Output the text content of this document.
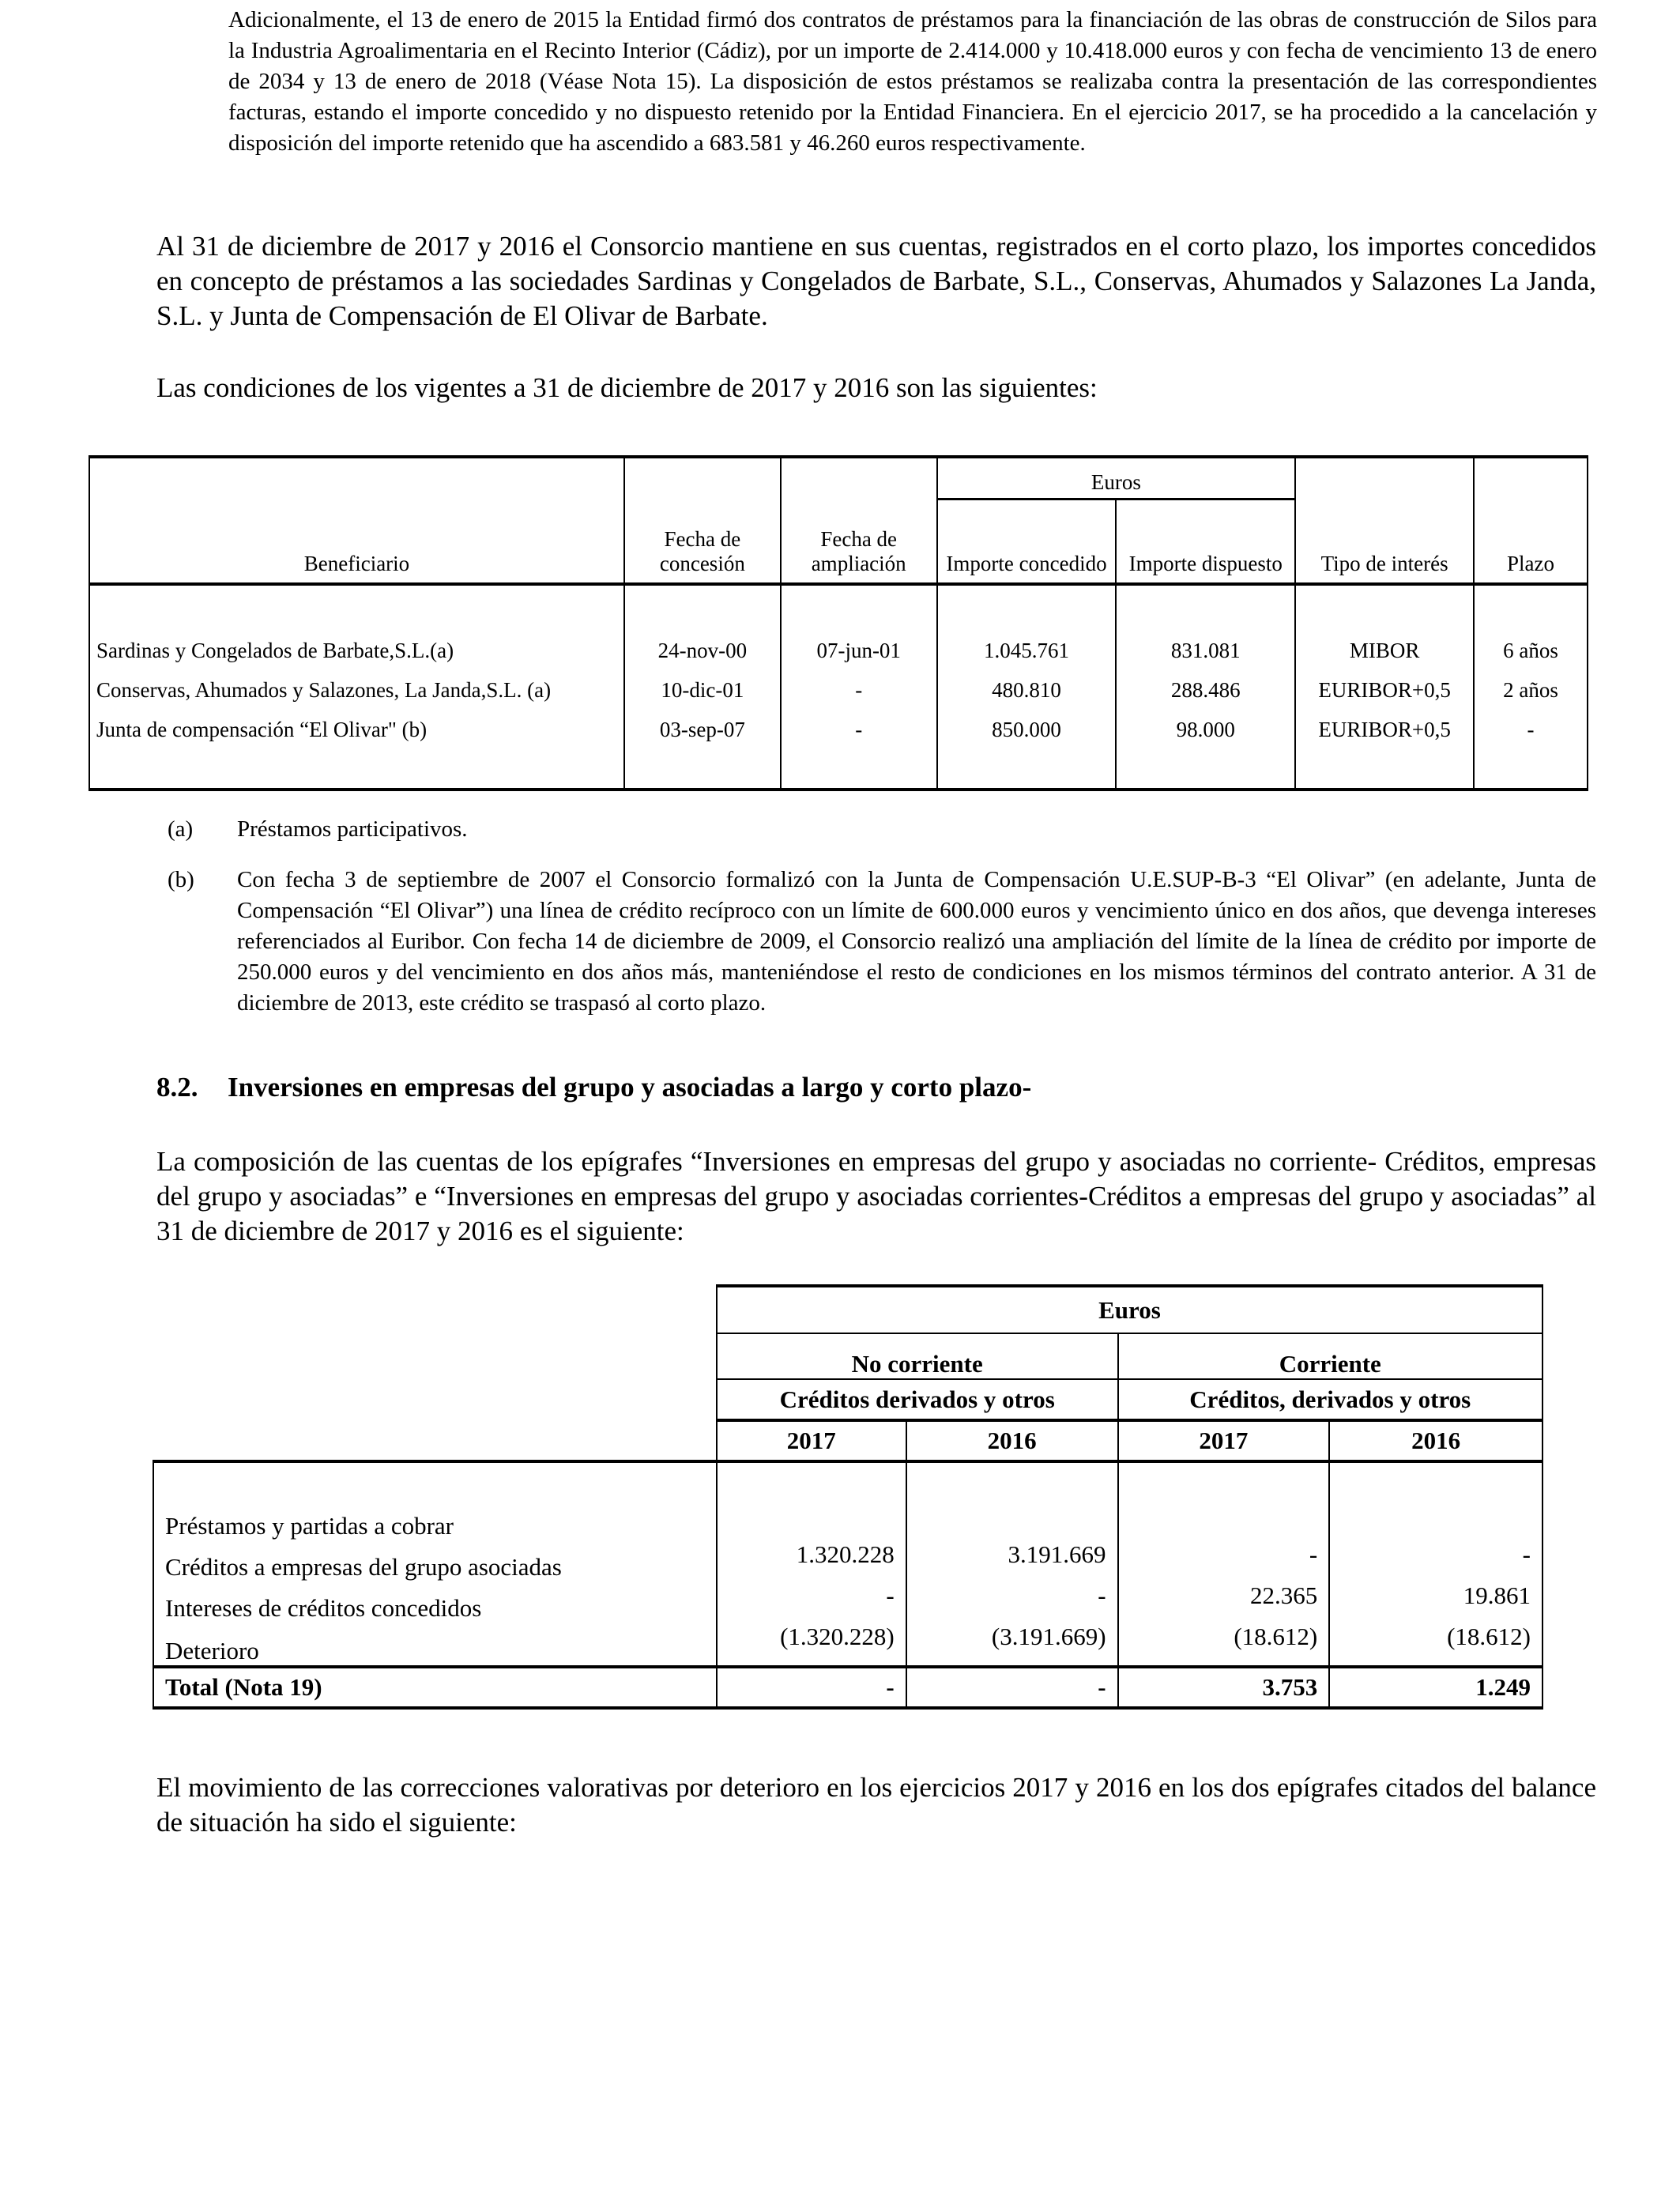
Adicionalmente, el 13 de enero de 2015 la Entidad firmó dos contratos de préstamos para la financiación de las obras de construcción de Silos para la Industria Agroalimentaria en el Recinto Interior (Cádiz), por un importe de 2.414.000 y 10.418.000 euros y con fecha de vencimiento 13 de enero de 2034 y 13 de enero de 2018 (Véase Nota 15). La disposición de estos préstamos se realizaba contra la presentación de las correspondientes facturas, estando el importe concedido y no dispuesto retenido por la Entidad Financiera. En el ejercicio 2017, se ha procedido a la cancelación y disposición del importe retenido que ha ascendido a 683.581 y 46.260 euros respectivamente.
Al 31 de diciembre de 2017 y 2016 el Consorcio mantiene en sus cuentas, registrados en el corto plazo, los importes concedidos en concepto de préstamos a las sociedades Sardinas y Congelados de Barbate, S.L., Conservas, Ahumados y Salazones La Janda, S.L. y Junta de Compensación de El Olivar de Barbate.
Las condiciones de los vigentes a 31 de diciembre de 2017 y 2016 son las siguientes:
Beneficiario	Fecha de concesión	Fecha de ampliación	Euros		Tipo de interés	Plazo
			Importe concedido	Importe dispuesto		
Sardinas y Congelados de Barbate,S.L.(a)	24-nov-00	07-jun-01	1.045.761	831.081	MIBOR	6 años
Conservas, Ahumados y Salazones, La Janda,S.L. (a)	10-dic-01	-	480.810	288.486	EURIBOR+0,5	2 años
Junta de compensación “El Olivar" (b)	03-sep-07	-	850.000	98.000	EURIBOR+0,5	-

(a)	Préstamos participativos.
(b)	Con fecha 3 de septiembre de 2007 el Consorcio formalizó con la Junta de Compensación U.E.SUP-B-3 “El Olivar” (en adelante, Junta de Compensación “El Olivar”) una línea de crédito recíproco con un límite de 600.000 euros y vencimiento único en dos años, que devenga intereses referenciados al Euribor. Con fecha 14 de diciembre de 2009, el Consorcio realizó una ampliación del límite de la línea de crédito por importe de 250.000 euros y del vencimiento en dos años más, manteniéndose el resto de condiciones en los mismos términos del contrato anterior. A 31 de diciembre de 2013, este crédito se traspasó al corto plazo.
8.2. Inversiones en empresas del grupo y asociadas a largo y corto plazo-
La composición de las cuentas de los epígrafes “Inversiones en empresas del grupo y asociadas no corriente- Créditos, empresas del grupo y asociadas” e “Inversiones en empresas del grupo y asociadas corrientes-Créditos a empresas del grupo y asociadas” al 31 de diciembre de 2017 y 2016 es el siguiente:
	Euros			
	No corriente		Corriente	
	Créditos derivados y otros		Créditos, derivados y otros	
	2017	2016	2017	2016
Préstamos y partidas a cobrar				
Créditos a empresas del grupo asociadas	1.320.228	3.191.669	-	-
Intereses de créditos concedidos	-	-	22.365	19.861
Deterioro	(1.320.228)	(3.191.669)	(18.612)	(18.612)
Total (Nota 19)	-	-	3.753	1.249
El movimiento de las correcciones valorativas por deterioro en los ejercicios 2017 y 2016 en los dos epígrafes citados del balance de situación ha sido el siguiente:
